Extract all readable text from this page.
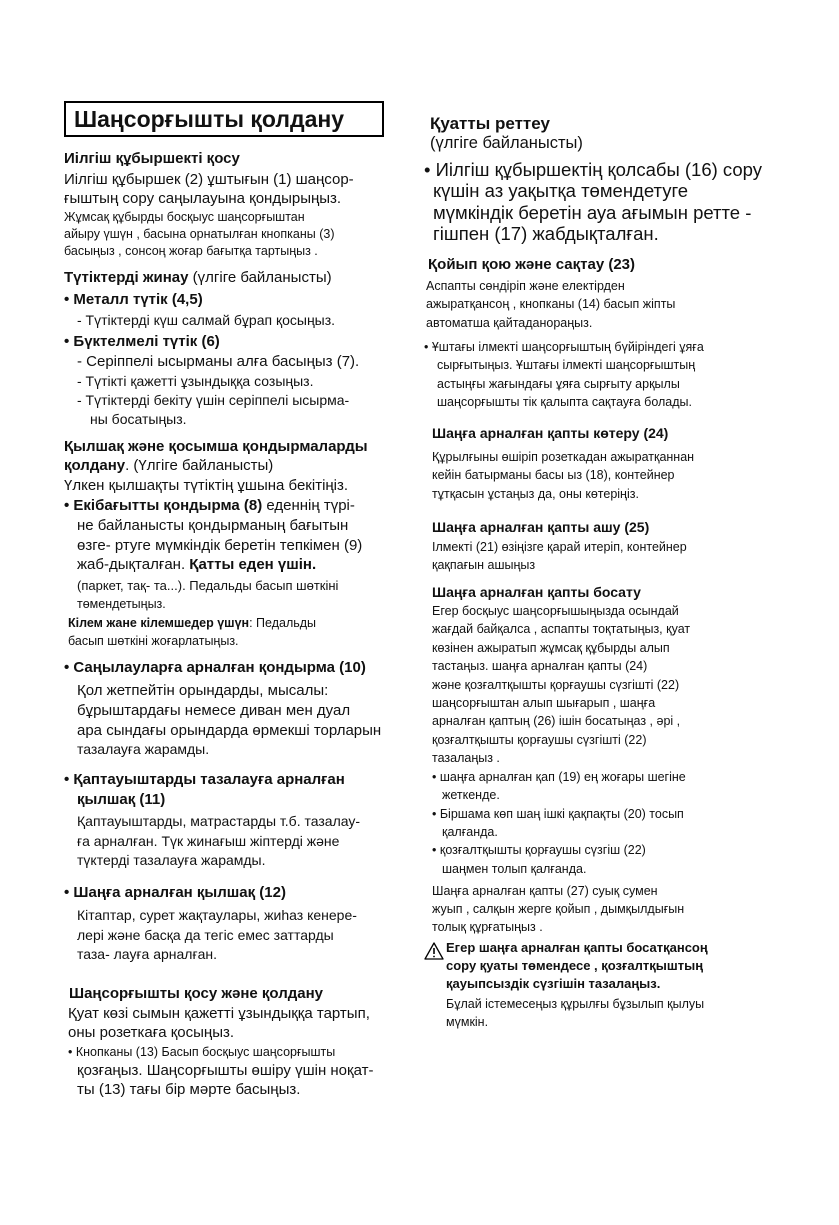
Шаңсорғышты қолдану
Иілгіш құбыршекті қосу
Иілгіш құбыршек (2) ұштығын (1) шаңсор-
ғыштың сору саңылауына қондырыңыз.
Жұмсақ құбырды босқыус шаңсорғыштан
айыру үшүн , басына орнатылған кнопканы (3)
басыңыз , сонсоң жоғар бағытқа тартыңыз .
Түтіктерді жинау (үлгіге байланысты)
• Металл түтік (4,5)
- Түтіктерді күш салмай бұрап қосыңыз.
• Бүктелмелі түтік (6)
- Серіппелі ысырманы алға басыңыз (7).
- Түтікті қажетті ұзындыққа созыңыз.
- Түтіктерді бекіту үшін серіппелі ысырма-
ны босатыңыз.
Қылшақ және қосымша қондырмаларды
қолдану. (Үлгіге байланысты)
Үлкен қылшақты түтіктің ұшына бекітіңіз.
• Екібағытты қондырма (8) еденнің түрі-
не байланысты қондырманың бағытын
өзге- ртуге мүмкіндік беретін тепкімен (9)
жаб-дықталған. Қатты еден үшін.
(паркет, тақ- та...). Педальды басып шөткіні
төмендетыңыз.
Кілем жане кілемшедер үшүн: Педальды
басып шөткіні жоғарлатыңыз.
• Саңылауларға арналған қондырма (10)
Қол жетпейтін орындарды, мысалы:
бұрыштардағы немесе диван мен дуал
ара сындағы орындарда өрмекші торларын
тазалауға жарамды.
• Қаптауыштарды тазалауға арналған
қылшақ (11)
Қаптауыштарды, матрастарды т.б. тазалау-
ға арналған. Түк жинағыш жіптерді және
түктерді тазалауға жарамды.
• Шаңға арналған қылшақ (12)
Кітаптар, сурет жақтаулары, жиһаз кенере-
лері және басқа да тегіс емес заттарды
таза- лауға арналған.
Шаңсорғышты қосу және қолдану
Қуат көзі сымын қажетті ұзындыққа тартып,
оны розеткаға қосыңыз.
• Кнопканы (13) Басып босқыус шаңсорғышты
қозғаңыз. Шаңсорғышты өшіру үшін ноқат-
ты (13) тағы бір мәрте басыңыз.
Қуатты реттеу
(үлгіге байланысты)
• Иілгіш құбыршектің қолсабы (16) сору
күшін аз уақытқа төмендетуге
мүмкіндік беретін ауа ағымын ретте -
гішпен (17) жабдықталған.
Қойып қою және сақтау (23)
Аспапты сөндіріп және електірден
ажыратқансоң , кнопканы (14) басып жіпты
автоматша қайтаданораңыз.
• Ұштағы ілмекті шаңсорғыштың бүйіріндегі ұяға
сырғытыңыз. Ұштағы ілмекті шаңсорғыштың
астыңғы жағындағы ұяға сырғыту арқылы
шаңсорғышты тік қалыпта сақтауға болады.
Шаңға арналған қапты көтеру (24)
Құрылғыны өшіріп розеткадан ажыратқаннан
кейін батырманы басы ыз (18), контейнер
тұтқасын ұстаңыз да, оны көтеріңіз.
Шаңға арналған қапты ашу (25)
Ілмекті (21) өзіңізге қарай итеріп, контейнер
қақпағын ашыңыз
Шаңға арналған қапты босату
Егер босқыус шаңсорғышыңызда осындай
жағдай байқалса , аспапты тоқтатыңыз, қуат
көзінен ажыратып жұмсақ құбырды алып
тастаңыз. шаңға арналған қапты (24)
және қозғалтқышты қорғаушы сүзгішті (22)
шаңсорғыштан алып шығарып , шаңға
арналған қаптың (26) ішін босатыңаз , әрі ,
қозғалтқышты қорғаушы сүзгішті (22)
тазалаңыз .
• шаңға арналған қап (19) ең жоғары шегіне
жеткенде.
• Біршама көп шаң ішкі қақпақты (20) тосып
қалғанда.
• қозғалтқышты қорғаушы сүзгіш (22)
шаңмен толып қалғанда.
Шаңға арналған қапты (27) суық сумен
жуып , салқын жерге қойып , дымқылдығын
толық құрғатыңыз .
Егер шаңға арналған қапты босатқансоң
сору қуаты төмендесе , қозғалтқыштың
қауыпсыздік сүзгішін тазалаңыз.
Бұлай істемесеңыз құрылғы бұзылып қылуы
мүмкін.
